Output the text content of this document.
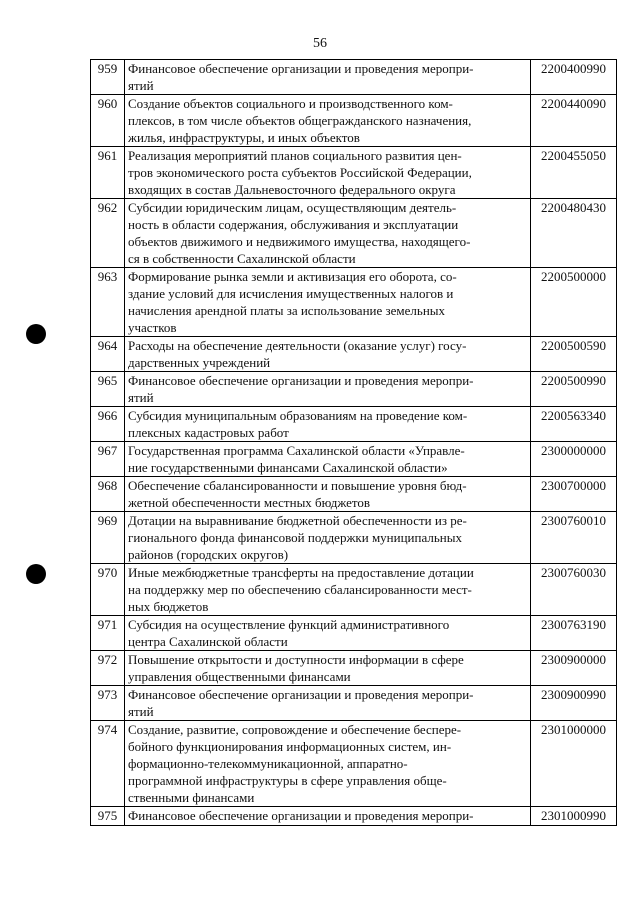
56
959	Финансовое обеспечение организации и проведения меропри-
ятий	2200400990
960	Создание объектов социального и производственного ком-
плексов, в том числе объектов общегражданского назначения,
жилья, инфраструктуры, и иных объектов	2200440090
961	Реализация мероприятий планов социального развития цен-
тров экономического роста субъектов Российской Федерации,
входящих в состав Дальневосточного федерального округа	2200455050
962	Субсидии юридическим лицам, осуществляющим деятель-
ность в области содержания, обслуживания и эксплуатации
объектов движимого и недвижимого имущества, находящего-
ся в собственности Сахалинской области	2200480430
963	Формирование рынка земли и активизация его оборота, со-
здание условий для исчисления имущественных налогов и
начисления арендной платы за использование земельных
участков	2200500000
964	Расходы на обеспечение деятельности (оказание услуг) госу-
дарственных учреждений	2200500590
965	Финансовое обеспечение организации и проведения меропри-
ятий	2200500990
966	Субсидия муниципальным образованиям на проведение ком-
плексных кадастровых работ	2200563340
967	Государственная программа Сахалинской области «Управле-
ние государственными финансами Сахалинской области»	2300000000
968	Обеспечение сбалансированности и повышение уровня бюд-
жетной обеспеченности местных бюджетов	2300700000
969	Дотации на выравнивание бюджетной обеспеченности из ре-
гионального фонда финансовой поддержки муниципальных
районов (городских округов)	2300760010
970	Иные межбюджетные трансферты на предоставление дотации
на поддержку мер по обеспечению сбалансированности мест-
ных бюджетов	2300760030
971	Субсидия на осуществление функций административного
центра Сахалинской области	2300763190
972	Повышение открытости и доступности информации в сфере
управления общественными финансами	2300900000
973	Финансовое обеспечение организации и проведения меропри-
ятий	2300900990
974	Создание, развитие, сопровождение и обеспечение беспере-
бойного функционирования информационных систем, ин-
формационно-телекоммуникационной, аппаратно-
программной инфраструктуры в сфере управления обще-
ственными финансами	2301000000
975	Финансовое обеспечение организации и проведения меропри-	2301000990
